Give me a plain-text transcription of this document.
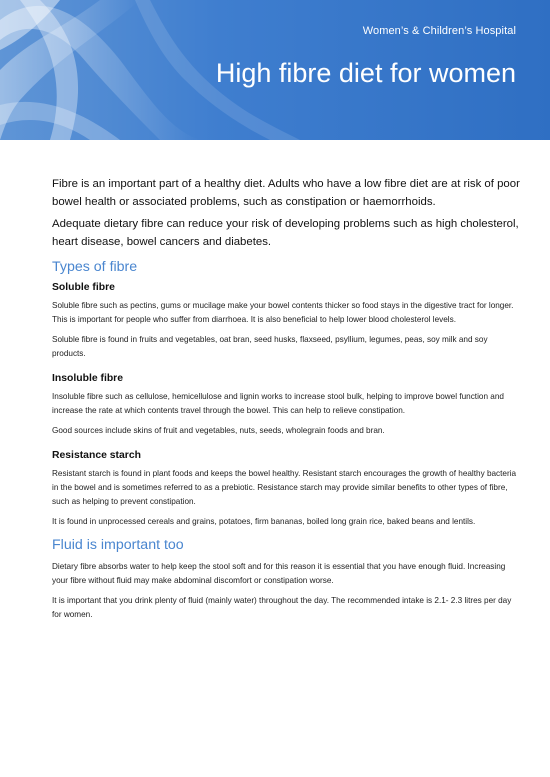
Women’s & Children’s Hospital
High fibre diet for women

Fibre is an important part of a healthy diet. Adults who have a low fibre diet are at risk of poor bowel health or associated problems, such as constipation or haemorrhoids.

Adequate dietary fibre can reduce your risk of developing problems such as high cholesterol, heart disease, bowel cancers and diabetes.

Types of fibre
Soluble fibre

Soluble fibre such as pectins, gums or mucilage make your bowel contents thicker so food stays in the digestive tract for longer. This is important for people who suffer from diarrhoea. It is also beneficial to help lower blood cholesterol levels.

Soluble fibre is found in fruits and vegetables, oat bran, seed husks, flaxseed, psyllium, legumes, peas, soy milk and soy products.

Insoluble fibre

Insoluble fibre such as cellulose, hemicellulose and lignin works to increase stool bulk, helping to improve bowel function and increase the rate at which contents travel through the bowel. This can help to relieve constipation.

Good sources include skins of fruit and vegetables, nuts, seeds, wholegrain foods and bran.

Resistance starch

Resistant starch is found in plant foods and keeps the bowel healthy. Resistant starch encourages the growth of healthy bacteria in the bowel and is sometimes referred to as a prebiotic. Resistance starch may provide similar benefits to other types of fibre, such as helping to prevent constipation.

It is found in unprocessed cereals and grains, potatoes, firm bananas, boiled long grain rice, baked beans and lentils.

Fluid is important too

Dietary fibre absorbs water to help keep the stool soft and for this reason it is essential that you have enough fluid. Increasing your fibre without fluid may make abdominal discomfort or constipation worse.

It is important that you drink plenty of fluid (mainly water) throughout the day. The recommended intake is 2.1- 2.3 litres per day for women.
